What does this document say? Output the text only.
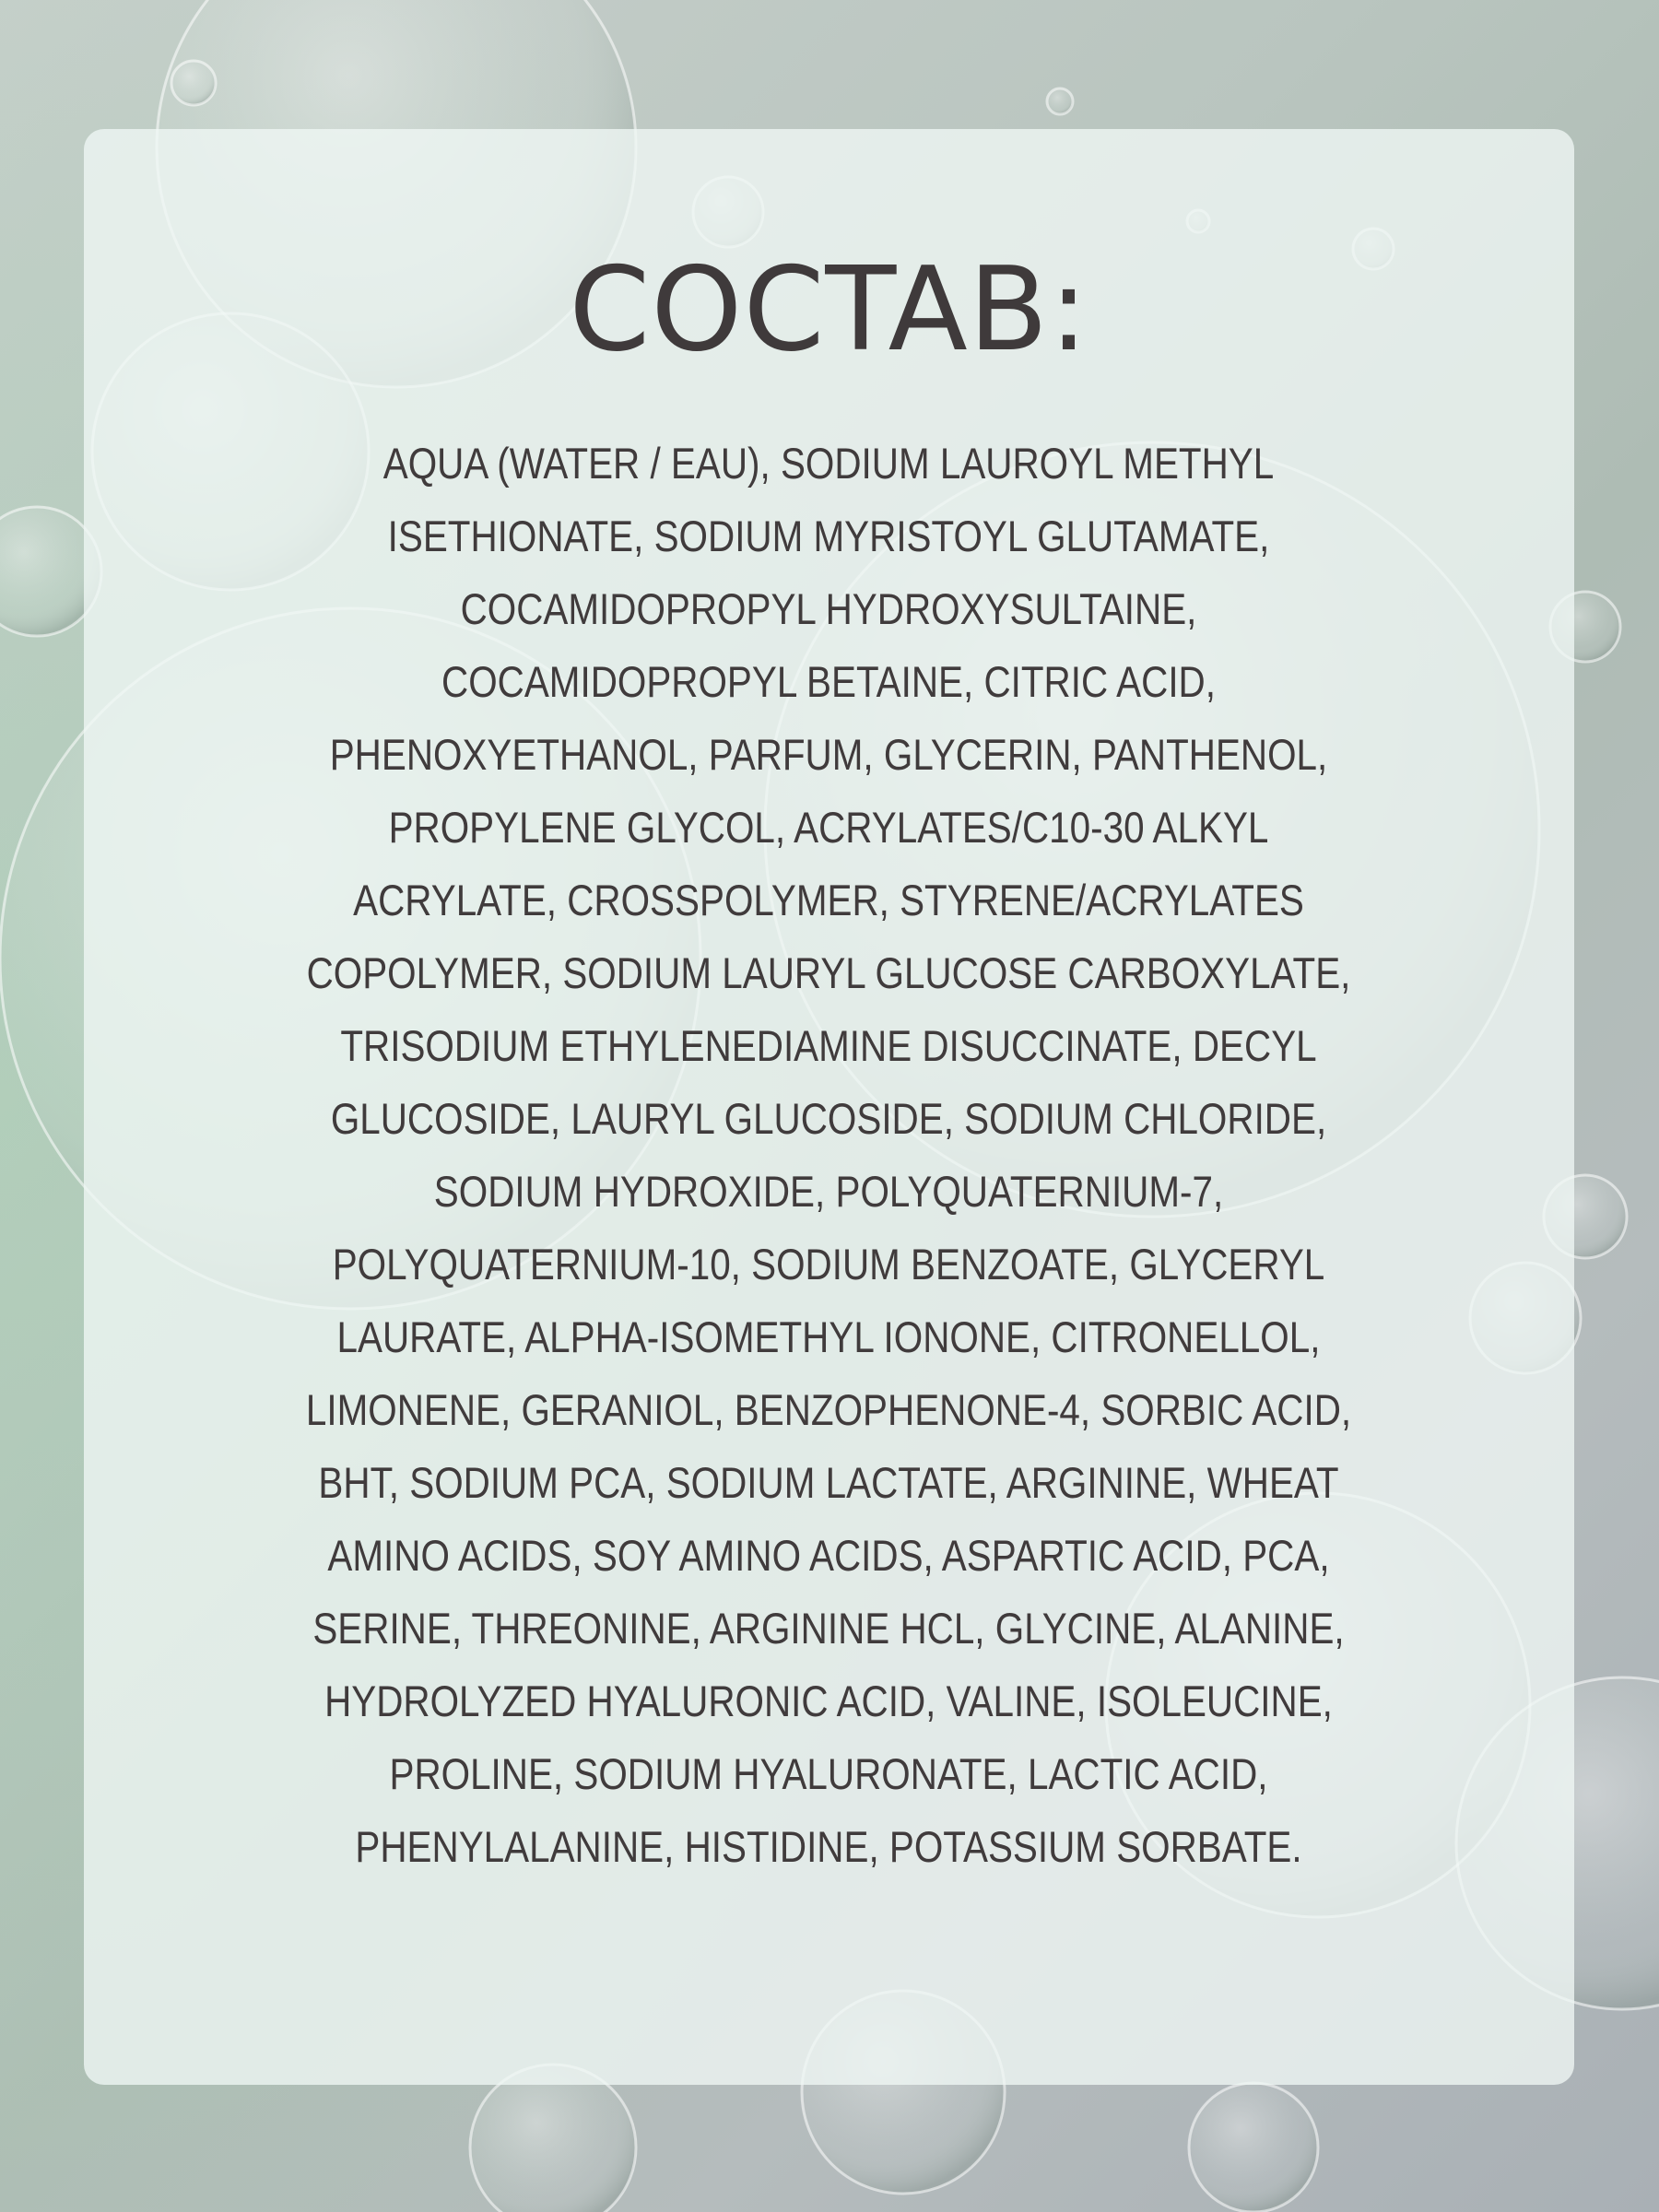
COCTAB:
AQUA (WATER / EAU), SODIUM LAUROYL METHYL
ISETHIONATE, SODIUM MYRISTOYL GLUTAMATE,
COCAMIDOPROPYL HYDROXYSULTAINE,
COCAMIDOPROPYL BETAINE, CITRIC ACID,
PHENOXYETHANOL, PARFUM, GLYCERIN, PANTHENOL,
PROPYLENE GLYCOL, ACRYLATES/C10-30 ALKYL
ACRYLATE, CROSSPOLYMER, STYRENE/ACRYLATES
COPOLYMER, SODIUM LAURYL GLUCOSE CARBOXYLATE,
TRISODIUM ETHYLENEDIAMINE DISUCCINATE, DECYL
GLUCOSIDE, LAURYL GLUCOSIDE, SODIUM CHLORIDE,
SODIUM HYDROXIDE, POLYQUATERNIUM-7,
POLYQUATERNIUM-10, SODIUM BENZOATE, GLYCERYL
LAURATE, ALPHA-ISOMETHYL IONONE, CITRONELLOL,
LIMONENE, GERANIOL, BENZOPHENONE-4, SORBIC ACID,
BHT, SODIUM PCA, SODIUM LACTATE, ARGININE, WHEAT
AMINO ACIDS, SOY AMINO ACIDS, ASPARTIC ACID, PCA,
SERINE, THREONINE, ARGININE HCL, GLYCINE, ALANINE,
HYDROLYZED HYALURONIC ACID, VALINE, ISOLEUCINE,
PROLINE, SODIUM HYALURONATE, LACTIC ACID,
PHENYLALANINE, HISTIDINE, POTASSIUM SORBATE.
